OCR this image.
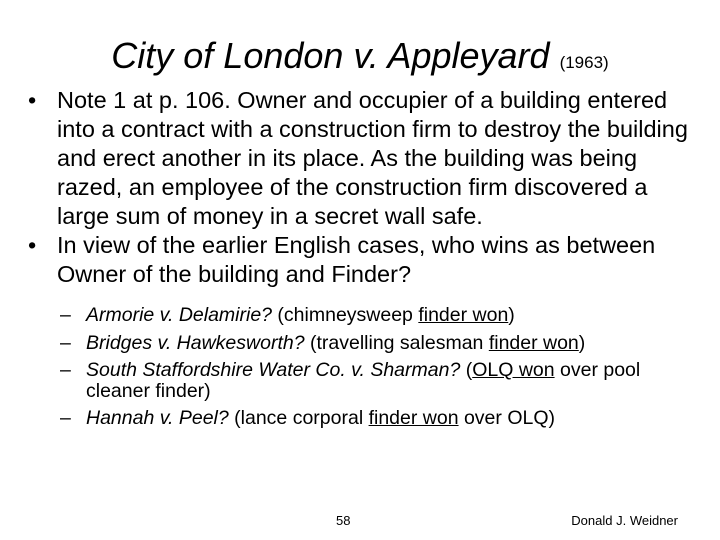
City of London v. Appleyard (1963)
• Note 1 at p. 106. Owner and occupier of a building entered into a contract with a construction firm to destroy the building and erect another in its place. As the building was being razed, an employee of the construction firm discovered a large sum of money in a secret wall safe.
• In view of the earlier English cases, who wins as between Owner of the building and Finder?
– Armorie v. Delamirie? (chimneysweep finder won)
– Bridges v. Hawkesworth? (travelling salesman finder won)
– South Staffordshire Water Co. v. Sharman? (OLQ won over pool cleaner finder)
– Hannah v. Peel? (lance corporal finder won over OLQ)
58	Donald J. Weidner
